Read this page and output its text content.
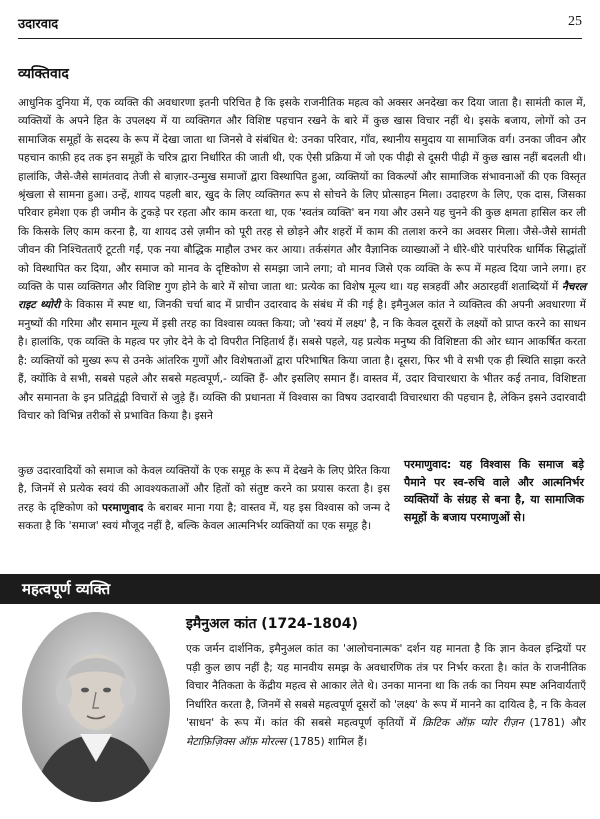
उदारवाद	25
व्यक्तिवाद

आधुनिक दुनिया में, एक व्यक्ति की अवधारणा इतनी परिचित है कि इसके राजनीतिक महत्व को अक्सर अनदेखा कर दिया जाता है। सामंती काल में, व्यक्तियों के अपने हित के उपलक्ष्य में या व्यक्तिगत और विशिष्ट पहचान रखने के बारे में कुछ खास विचार नहीं थे। इसके बजाय, लोगों को उन सामाजिक समूहों के सदस्य के रूप में देखा जाता था जिनसे वे संबंधित थे: उनका परिवार, गाँव, स्थानीय समुदाय या सामाजिक वर्ग। उनका जीवन और पहचान काफ़ी हद तक इन समूहों के चरित्र द्वारा निर्धारित की जाती थी, एक ऐसी प्रक्रिया में जो एक पीढ़ी से दूसरी पीढ़ी में कुछ खास नहीं बदलती थी। हालांकि, जैसे-जैसे सामंतवाद तेजी से बाज़ार-उन्मुख समाजों द्वारा विस्थापित हुआ, व्यक्तियों का विकल्पों और सामाजिक संभावनाओं की एक विस्तृत श्रृंखला से सामना हुआ। उन्हें, शायद पहली बार, खुद के लिए व्यक्तिगत रूप से सोचने के लिए प्रोत्साहन मिला। उदाहरण के लिए, एक दास, जिसका परिवार हमेशा एक ही जमीन के टुकड़े पर रहता और काम करता था, एक 'स्वतंत्र व्यक्ति' बन गया और उसने यह चुनने की कुछ क्षमता हासिल कर ली कि किसके लिए काम करना है, या शायद उसे ज़मीन को पूरी तरह से छोड़ने और शहरों में काम की तलाश करने का अवसर मिला। जैसे-जैसे सामंती जीवन की निश्चितताएँ टूटती गईं, एक नया बौद्धिक माहौल उभर कर आया। तर्कसंगत और वैज्ञानिक व्याख्याओं ने धीरे-धीरे पारंपरिक धार्मिक सिद्धांतों को विस्थापित कर दिया, और समाज को मानव के दृष्टिकोण से समझा जाने लगा; वो मानव जिसे एक व्यक्ति के रूप में महत्व दिया जाने लगा। हर व्यक्ति के पास व्यक्तिगत और विशिष्ट गुण होने के बारे में सोचा जाता था: प्रत्येक का विशेष मूल्य था। यह सत्रहवीं और अठारहवीं शताब्दियों में नैचरल राइट थ्योरी के विकास में स्पष्ट था, जिनकी चर्चा बाद में प्राचीन उदारवाद के संबंध में की गई है। इमैनुअल कांत ने व्यक्तित्व की अपनी अवधारणा में मनुष्यों की गरिमा और समान मूल्य में इसी तरह का विश्वास व्यक्त किया; जो 'स्वयं में लक्ष्य' है, न कि केवल दूसरों के लक्ष्यों को प्राप्त करने का साधन है। हालांकि, एक व्यक्ति के महत्व पर ज़ोर देने के दो विपरीत निहितार्थ हैं। सबसे पहले, यह प्रत्येक मनुष्य की विशिष्टता की ओर ध्यान आकर्षित करता है: व्यक्तियों को मुख्य रूप से उनके आंतरिक गुणों और विशेषताओं द्वारा परिभाषित किया जाता है। दूसरा, फिर भी वे सभी एक ही स्थिति साझा करते हैं, क्योंकि वे सभी, सबसे पहले और सबसे महत्वपूर्ण,- व्यक्ति हैं- और इसलिए समान हैं। वास्तव में, उदार विचारधारा के भीतर कई तनाव, विशिष्टता और समानता के इन प्रतिद्वंद्वी विचारों से जुड़े हैं। व्यक्ति की प्रधानता में विश्वास का विषय उदारवादी विचारधारा की पहचान है, लेकिन इसने उदारवादी विचार को विभिन्न तरीकों से प्रभावित किया है। इसने

कुछ उदारवादियों को समाज को केवल व्यक्तियों के एक समूह के रूप में देखने के लिए प्रेरित किया है, जिनमें से प्रत्येक स्वयं की आवश्यकताओं और हितों को संतुष्ट करने का प्रयास करता है। इस तरह के दृष्टिकोण को परमाणुवाद के बराबर माना गया है; वास्तव में, यह इस विश्वास को जन्म दे सकता है कि 'समाज' स्वयं मौजूद नहीं है, बल्कि केवल आत्मनिर्भर व्यक्तियों का एक समूह है।

परमाणुवाद: यह विश्वास कि समाज बड़े पैमाने पर स्व-रुचि वाले और आत्मनिर्भर व्यक्तियों के संग्रह से बना है, या सामाजिक समूहों के बजाय परमाणुओं से।
महत्वपूर्ण व्यक्ति
इमैनुअल कांत (1724-1804)

एक जर्मन दार्शनिक, इमैनुअल कांत का 'आलोचनात्मक' दर्शन यह मानता है कि ज्ञान केवल इन्द्रियों पर पड़ी कुल छाप नहीं है; यह मानवीय समझ के अवधारणिक तंत्र पर निर्भर करता है। कांत के राजनीतिक विचार नैतिकता के केंद्रीय महत्व से आकार लेते थे। उनका मानना था कि तर्क का नियम स्पष्ट अनिवार्यताएँ निर्धारित करता है, जिनमें से सबसे महत्वपूर्ण दूसरों को 'लक्ष्य' के रूप में मानने का दायित्व है, न कि केवल 'साधन' के रूप में। कांत की सबसे महत्वपूर्ण कृतियों में क्रिटिक ऑफ़ प्योर रीज़न (1781) और मेटाफ़िज़िक्स ऑफ़ मोरल्स (1785) शामिल हैं।
